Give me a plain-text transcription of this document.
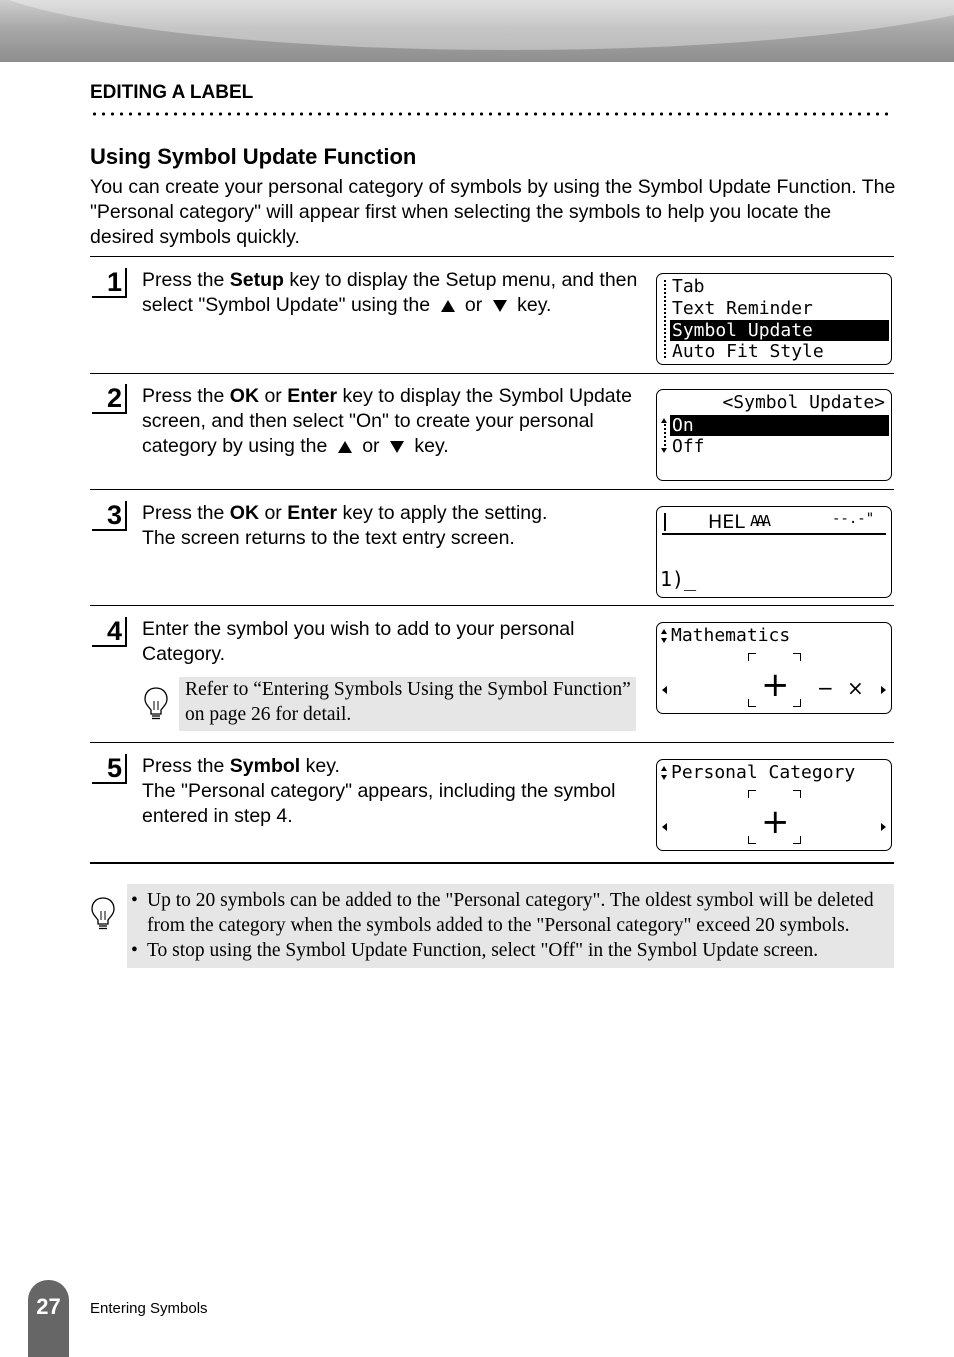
EDITING A LABEL
Using Symbol Update Function

You can create your personal category of symbols by using the Symbol Update Function. The "Personal category" will appear first when selecting the symbols to help you locate the desired symbols quickly.

1 Press the Setup key to display the Setup menu, and then select "Symbol Update" using the  or  key.
Tab
Text Reminder
Symbol Update
Auto Fit Style
2 Press the OK or Enter key to display the Symbol Update screen, and then select "On" to create your personal category by using the  or  key.
<Symbol Update>
On
Off
3 Press the OK or Enter key to apply the setting.
The screen returns to the text entry screen.
HEL AAA	--.-"
1)_
4 Enter the symbol you wish to add to your personal Category.
Refer to “Entering Symbols Using the Symbol Function” on page 26 for detail.
Mathematics
+ − ×
5 Press the Symbol key.
The "Personal category" appears, including the symbol entered in step 4.
Personal Category
+
• Up to 20 symbols can be added to the "Personal category". The oldest symbol will be deleted from the category when the symbols added to the "Personal category" exceed 20 symbols.
• To stop using the Symbol Update Function, select "Off" in the Symbol Update screen.
27	Entering Symbols
